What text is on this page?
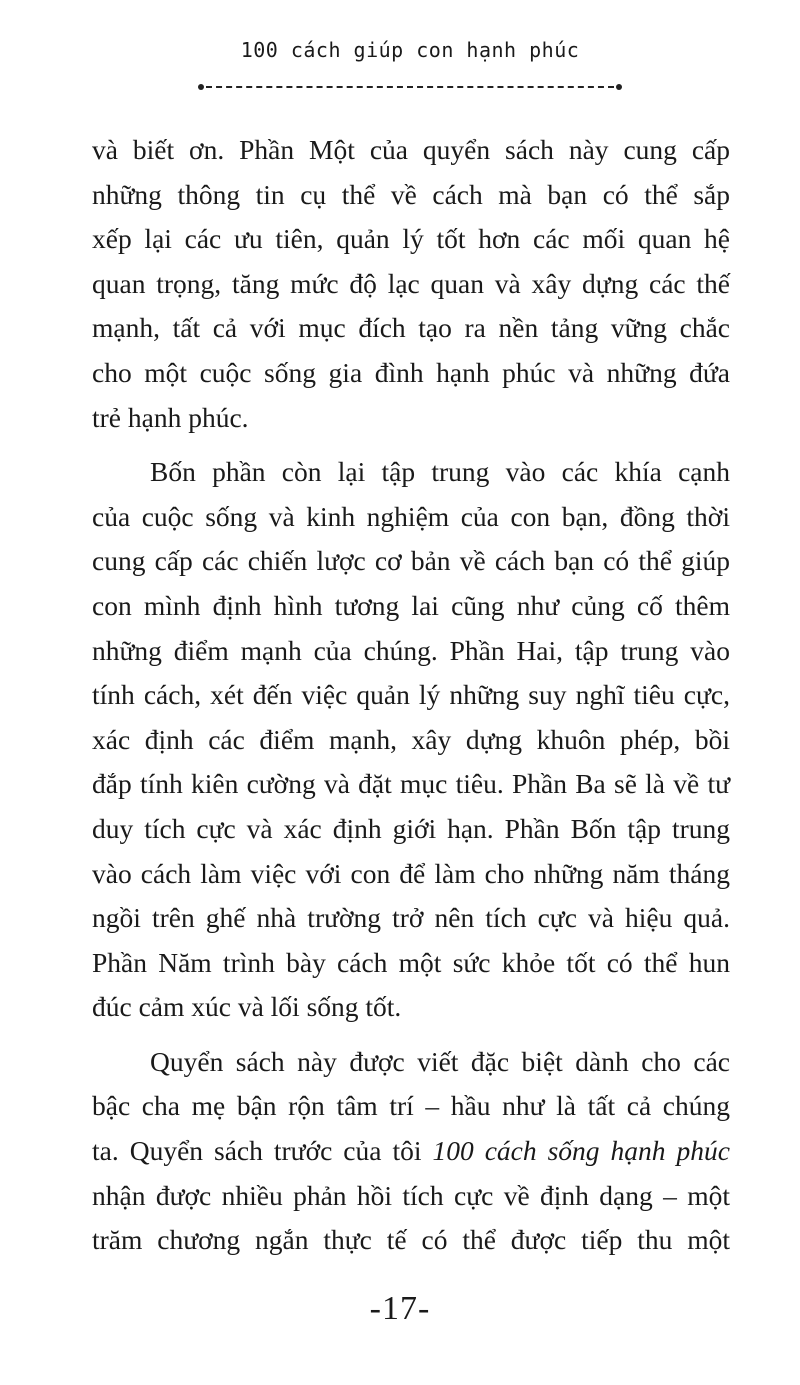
100 cách giúp con hạnh phúc

và biết ơn. Phần Một của quyển sách này cung cấp
những thông tin cụ thể về cách mà bạn có thể sắp
xếp lại các ưu tiên, quản lý tốt hơn các mối quan hệ
quan trọng, tăng mức độ lạc quan và xây dựng các thế
mạnh, tất cả với mục đích tạo ra nền tảng vững chắc
cho một cuộc sống gia đình hạnh phúc và những đứa
trẻ hạnh phúc.

Bốn phần còn lại tập trung vào các khía cạnh
của cuộc sống và kinh nghiệm của con bạn, đồng thời
cung cấp các chiến lược cơ bản về cách bạn có thể giúp
con mình định hình tương lai cũng như củng cố thêm
những điểm mạnh của chúng. Phần Hai, tập trung vào
tính cách, xét đến việc quản lý những suy nghĩ tiêu cực,
xác định các điểm mạnh, xây dựng khuôn phép, bồi
đắp tính kiên cường và đặt mục tiêu. Phần Ba sẽ là về tư
duy tích cực và xác định giới hạn. Phần Bốn tập trung
vào cách làm việc với con để làm cho những năm tháng
ngồi trên ghế nhà trường trở nên tích cực và hiệu quả.
Phần Năm trình bày cách một sức khỏe tốt có thể hun
đúc cảm xúc và lối sống tốt.

Quyển sách này được viết đặc biệt dành cho các
bậc cha mẹ bận rộn tâm trí – hầu như là tất cả chúng
ta. Quyển sách trước của tôi 100 cách sống hạnh phúc
nhận được nhiều phản hồi tích cực về định dạng – một
trăm chương ngắn thực tế có thể được tiếp thu một

-17-
